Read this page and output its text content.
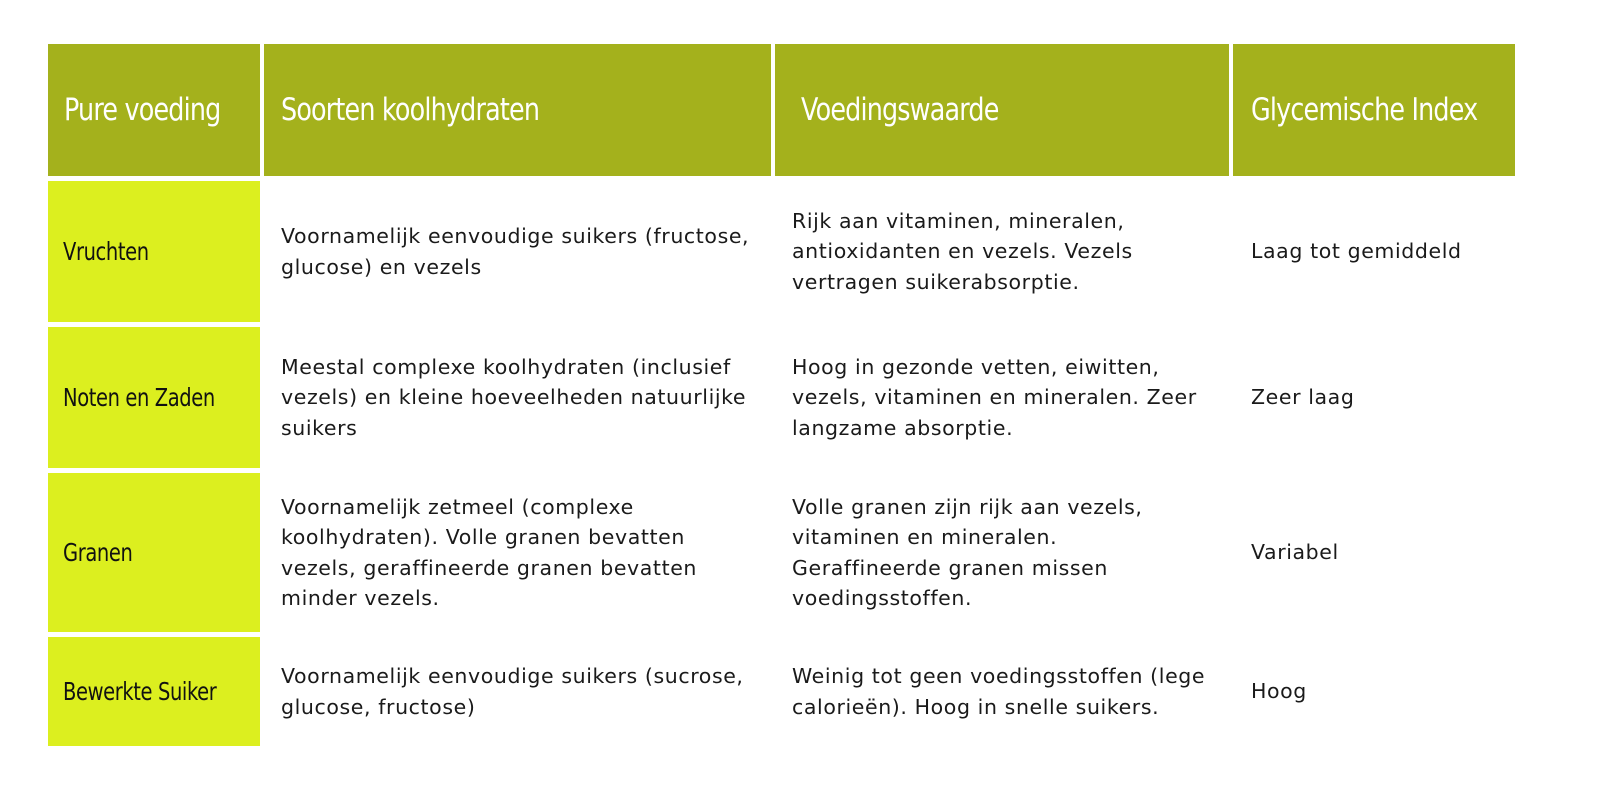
Pure voeding Soorten koolhydraten	Voedingswaarde	Glycemische Index
Vruchten
Voornamelijk eenvoudige suikers (fructose, glucose) en vezels
Rijk aan vitaminen, mineralen, antioxidanten en vezels. Vezels vertragen suikerabsorptie.
Laag tot gemiddeld
Noten en Zaden
Meestal complexe koolhydraten (inclusief vezels) en kleine hoeveelheden natuurlijke suikers
Hoog in gezonde vetten, eiwitten, vezels, vitaminen en mineralen. Zeer langzame absorptie.
Zeer laag
Granen
Voornamelijk zetmeel (complexe koolhydraten). Volle granen bevatten vezels, geraffineerde granen bevatten minder vezels.
Volle granen zijn rijk aan vezels, vitaminen en mineralen. Geraffineerde granen missen voedingsstoffen.
Variabel
Bewerkte Suiker
Voornamelijk eenvoudige suikers (sucrose, glucose, fructose)
Weinig tot geen voedingsstoffen (lege calorieën). Hoog in snelle suikers.
Hoog
